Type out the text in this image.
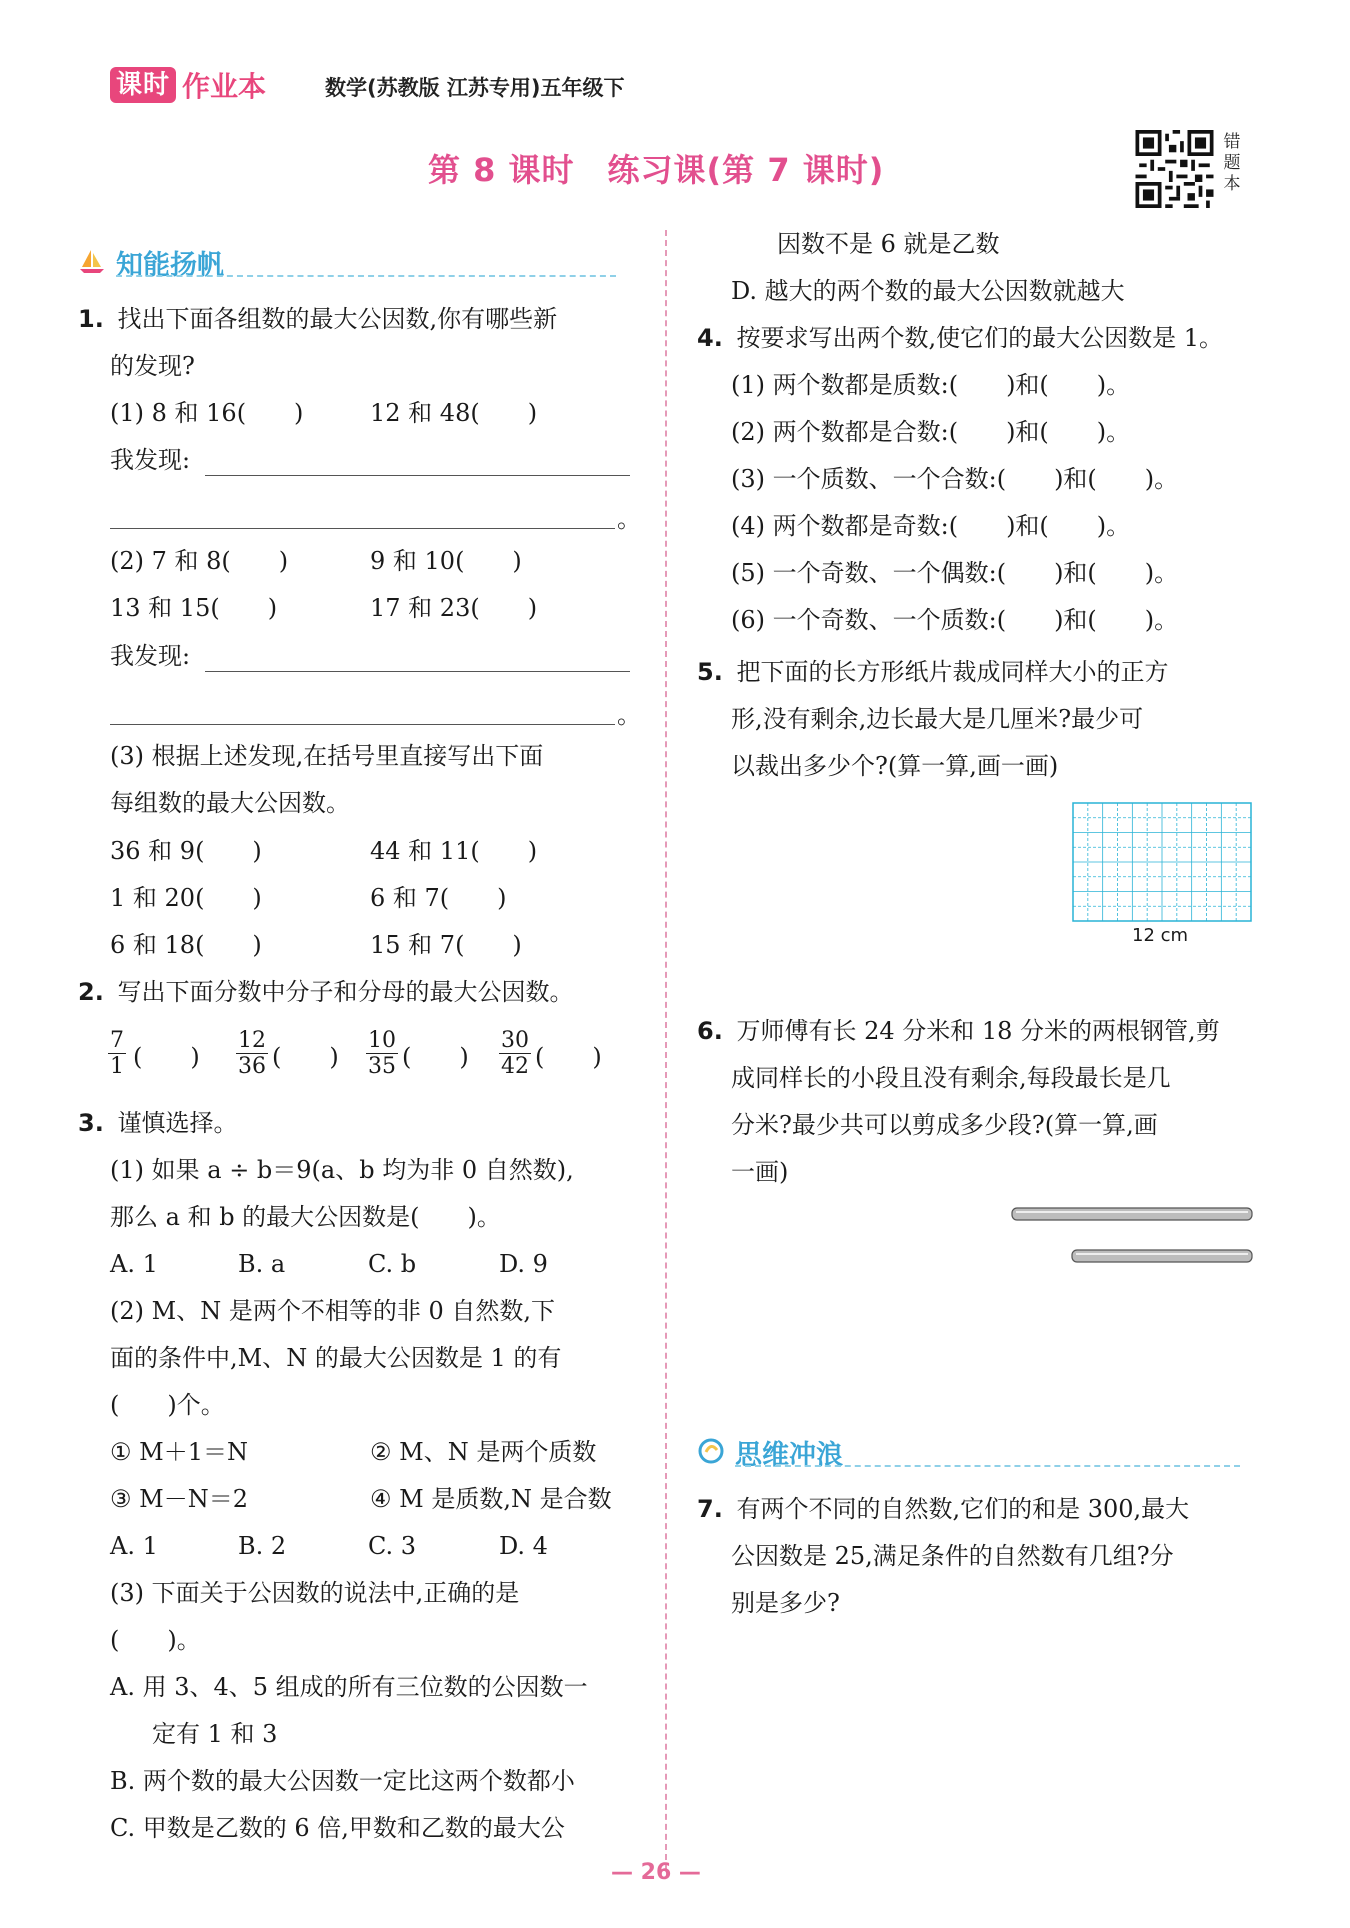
课时 作业本	数学(苏教版 江苏专用)五年级下
第 8 课时　练习课(第 7 课时)
错题本
知能扬帆
1. 找出下面各组数的最大公因数,你有哪些新
的发现?
(1) 8 和 16(　　)	12 和 48(　　)
我发现:
。
(2) 7 和 8(　　)	9 和 10(　　)
13 和 15(　　)	17 和 23(　　)
我发现:
。
(3) 根据上述发现,在括号里直接写出下面
每组数的最大公因数。
36 和 9(　　)	44 和 11(　　)
1 和 20(　　)	6 和 7(　　)
6 和 18(　　)	15 和 7(　　)
2. 写出下面分数中分子和分母的最大公因数。
$\frac{7}{1}$ (　　) $\frac{12}{36}$ (　　) $\frac{10}{35}$ (　　) $\frac{30}{42}$ (　　)
3. 谨慎选择。
(1) 如果 a ÷ b＝9(a、b 均为非 0 自然数),
那么 a 和 b 的最大公因数是(　　)。
A. 1	B. a	C. b	D. 9
(2) M、N 是两个不相等的非 0 自然数,下
面的条件中,M、N 的最大公因数是 1 的有
(　　)个。
① M＋1＝N	② M、N 是两个质数
③ M－N＝2	④ M 是质数,N 是合数
A. 1	B. 2	C. 3	D. 4
(3) 下面关于公因数的说法中,正确的是
(　　)。
A. 用 3、4、5 组成的所有三位数的公因数一
定有 1 和 3
B. 两个数的最大公因数一定比这两个数都小
C. 甲数是乙数的 6 倍,甲数和乙数的最大公
因数不是 6 就是乙数
D. 越大的两个数的最大公因数就越大
4. 按要求写出两个数,使它们的最大公因数是 1。
(1) 两个数都是质数:(　　)和(　　)。
(2) 两个数都是合数:(　　)和(　　)。
(3) 一个质数、一个合数:(　　)和(　　)。
(4) 两个数都是奇数:(　　)和(　　)。
(5) 一个奇数、一个偶数:(　　)和(　　)。
(6) 一个奇数、一个质数:(　　)和(　　)。
5. 把下面的长方形纸片裁成同样大小的正方
形,没有剩余,边长最大是几厘米?最少可
以裁出多少个?(算一算,画一画)
12 cm
6. 万师傅有长 24 分米和 18 分米的两根钢管,剪
成同样长的小段且没有剩余,每段最长是几
分米?最少共可以剪成多少段?(算一算,画
一画)
思维冲浪
7. 有两个不同的自然数,它们的和是 300,最大
公因数是 25,满足条件的自然数有几组?分
别是多少?
— 26 —
